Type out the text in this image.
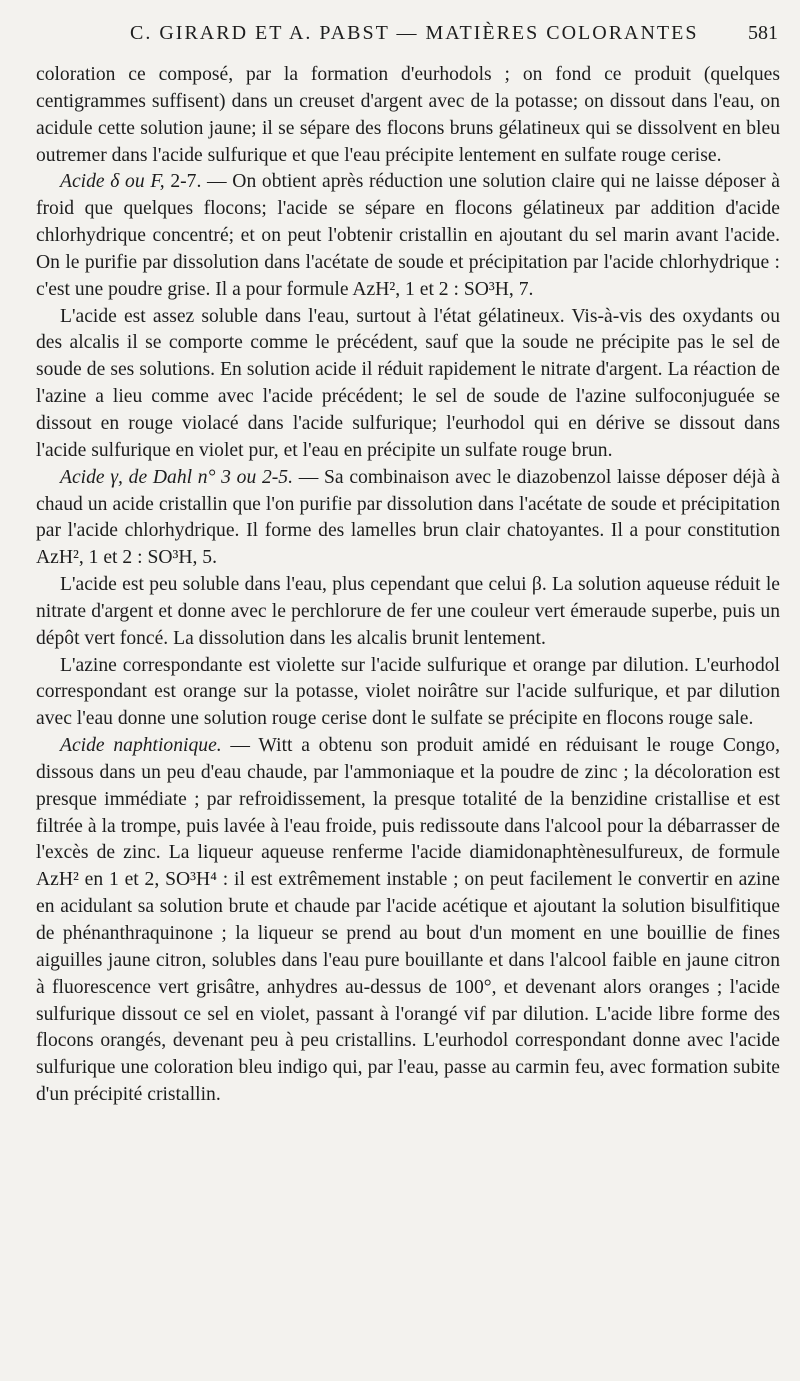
C. GIRARD ET A. PABST — MATIÈRES COLORANTES 581

coloration ce composé, par la formation d'eurhodols ; on fond ce produit (quelques centigrammes suffisent) dans un creuset d'argent avec de la potasse; on dissout dans l'eau, on acidule cette solution jaune; il se sépare des flocons bruns gélatineux qui se dissolvent en bleu outremer dans l'acide sulfurique et que l'eau précipite lentement en sulfate rouge cerise.

Acide δ ou F, 2-7. — On obtient après réduction une solution claire qui ne laisse déposer à froid que quelques flocons; l'acide se sépare en flocons gélatineux par addition d'acide chlorhydrique concentré; et on peut l'obtenir cristallin en ajoutant du sel marin avant l'acide. On le purifie par dissolution dans l'acétate de soude et précipitation par l'acide chlorhydrique : c'est une poudre grise. Il a pour formule AzH², 1 et 2 : SO³H, 7.

L'acide est assez soluble dans l'eau, surtout à l'état gélatineux. Vis-à-vis des oxydants ou des alcalis il se comporte comme le précédent, sauf que la soude ne précipite pas le sel de soude de ses solutions. En solution acide il réduit rapidement le nitrate d'argent. La réaction de l'azine a lieu comme avec l'acide précédent; le sel de soude de l'azine sulfoconjuguée se dissout en rouge violacé dans l'acide sulfurique; l'eurhodol qui en dérive se dissout dans l'acide sulfurique en violet pur, et l'eau en précipite un sulfate rouge brun.

Acide γ, de Dahl n° 3 ou 2-5. — Sa combinaison avec le diazobenzol laisse déposer déjà à chaud un acide cristallin que l'on purifie par dissolution dans l'acétate de soude et précipitation par l'acide chlorhydrique. Il forme des lamelles brun clair chatoyantes. Il a pour constitution AzH², 1 et 2 : SO³H, 5.

L'acide est peu soluble dans l'eau, plus cependant que celui β. La solution aqueuse réduit le nitrate d'argent et donne avec le perchlorure de fer une couleur vert émeraude superbe, puis un dépôt vert foncé. La dissolution dans les alcalis brunit lentement.

L'azine correspondante est violette sur l'acide sulfurique et orange par dilution. L'eurhodol correspondant est orange sur la potasse, violet noirâtre sur l'acide sulfurique, et par dilution avec l'eau donne une solution rouge cerise dont le sulfate se précipite en flocons rouge sale.

Acide naphtionique. — Witt a obtenu son produit amidé en réduisant le rouge Congo, dissous dans un peu d'eau chaude, par l'ammoniaque et la poudre de zinc ; la décoloration est presque immédiate ; par refroidissement, la presque totalité de la benzidine cristallise et est filtrée à la trompe, puis lavée à l'eau froide, puis redissoute dans l'alcool pour la débarrasser de l'excès de zinc. La liqueur aqueuse renferme l'acide diamidonaphtènesulfureux, de formule AzH² en 1 et 2, SO³H⁴ : il est extrêmement instable ; on peut facilement le convertir en azine en acidulant sa solution brute et chaude par l'acide acétique et ajoutant la solution bisulfitique de phénanthraquinone ; la liqueur se prend au bout d'un moment en une bouillie de fines aiguilles jaune citron, solubles dans l'eau pure bouillante et dans l'alcool faible en jaune citron à fluorescence vert grisâtre, anhydres au-dessus de 100°, et devenant alors oranges ; l'acide sulfurique dissout ce sel en violet, passant à l'orangé vif par dilution. L'acide libre forme des flocons orangés, devenant peu à peu cristallins. L'eurhodol correspondant donne avec l'acide sulfurique une coloration bleu indigo qui, par l'eau, passe au carmin feu, avec formation subite d'un précipité cristallin.
